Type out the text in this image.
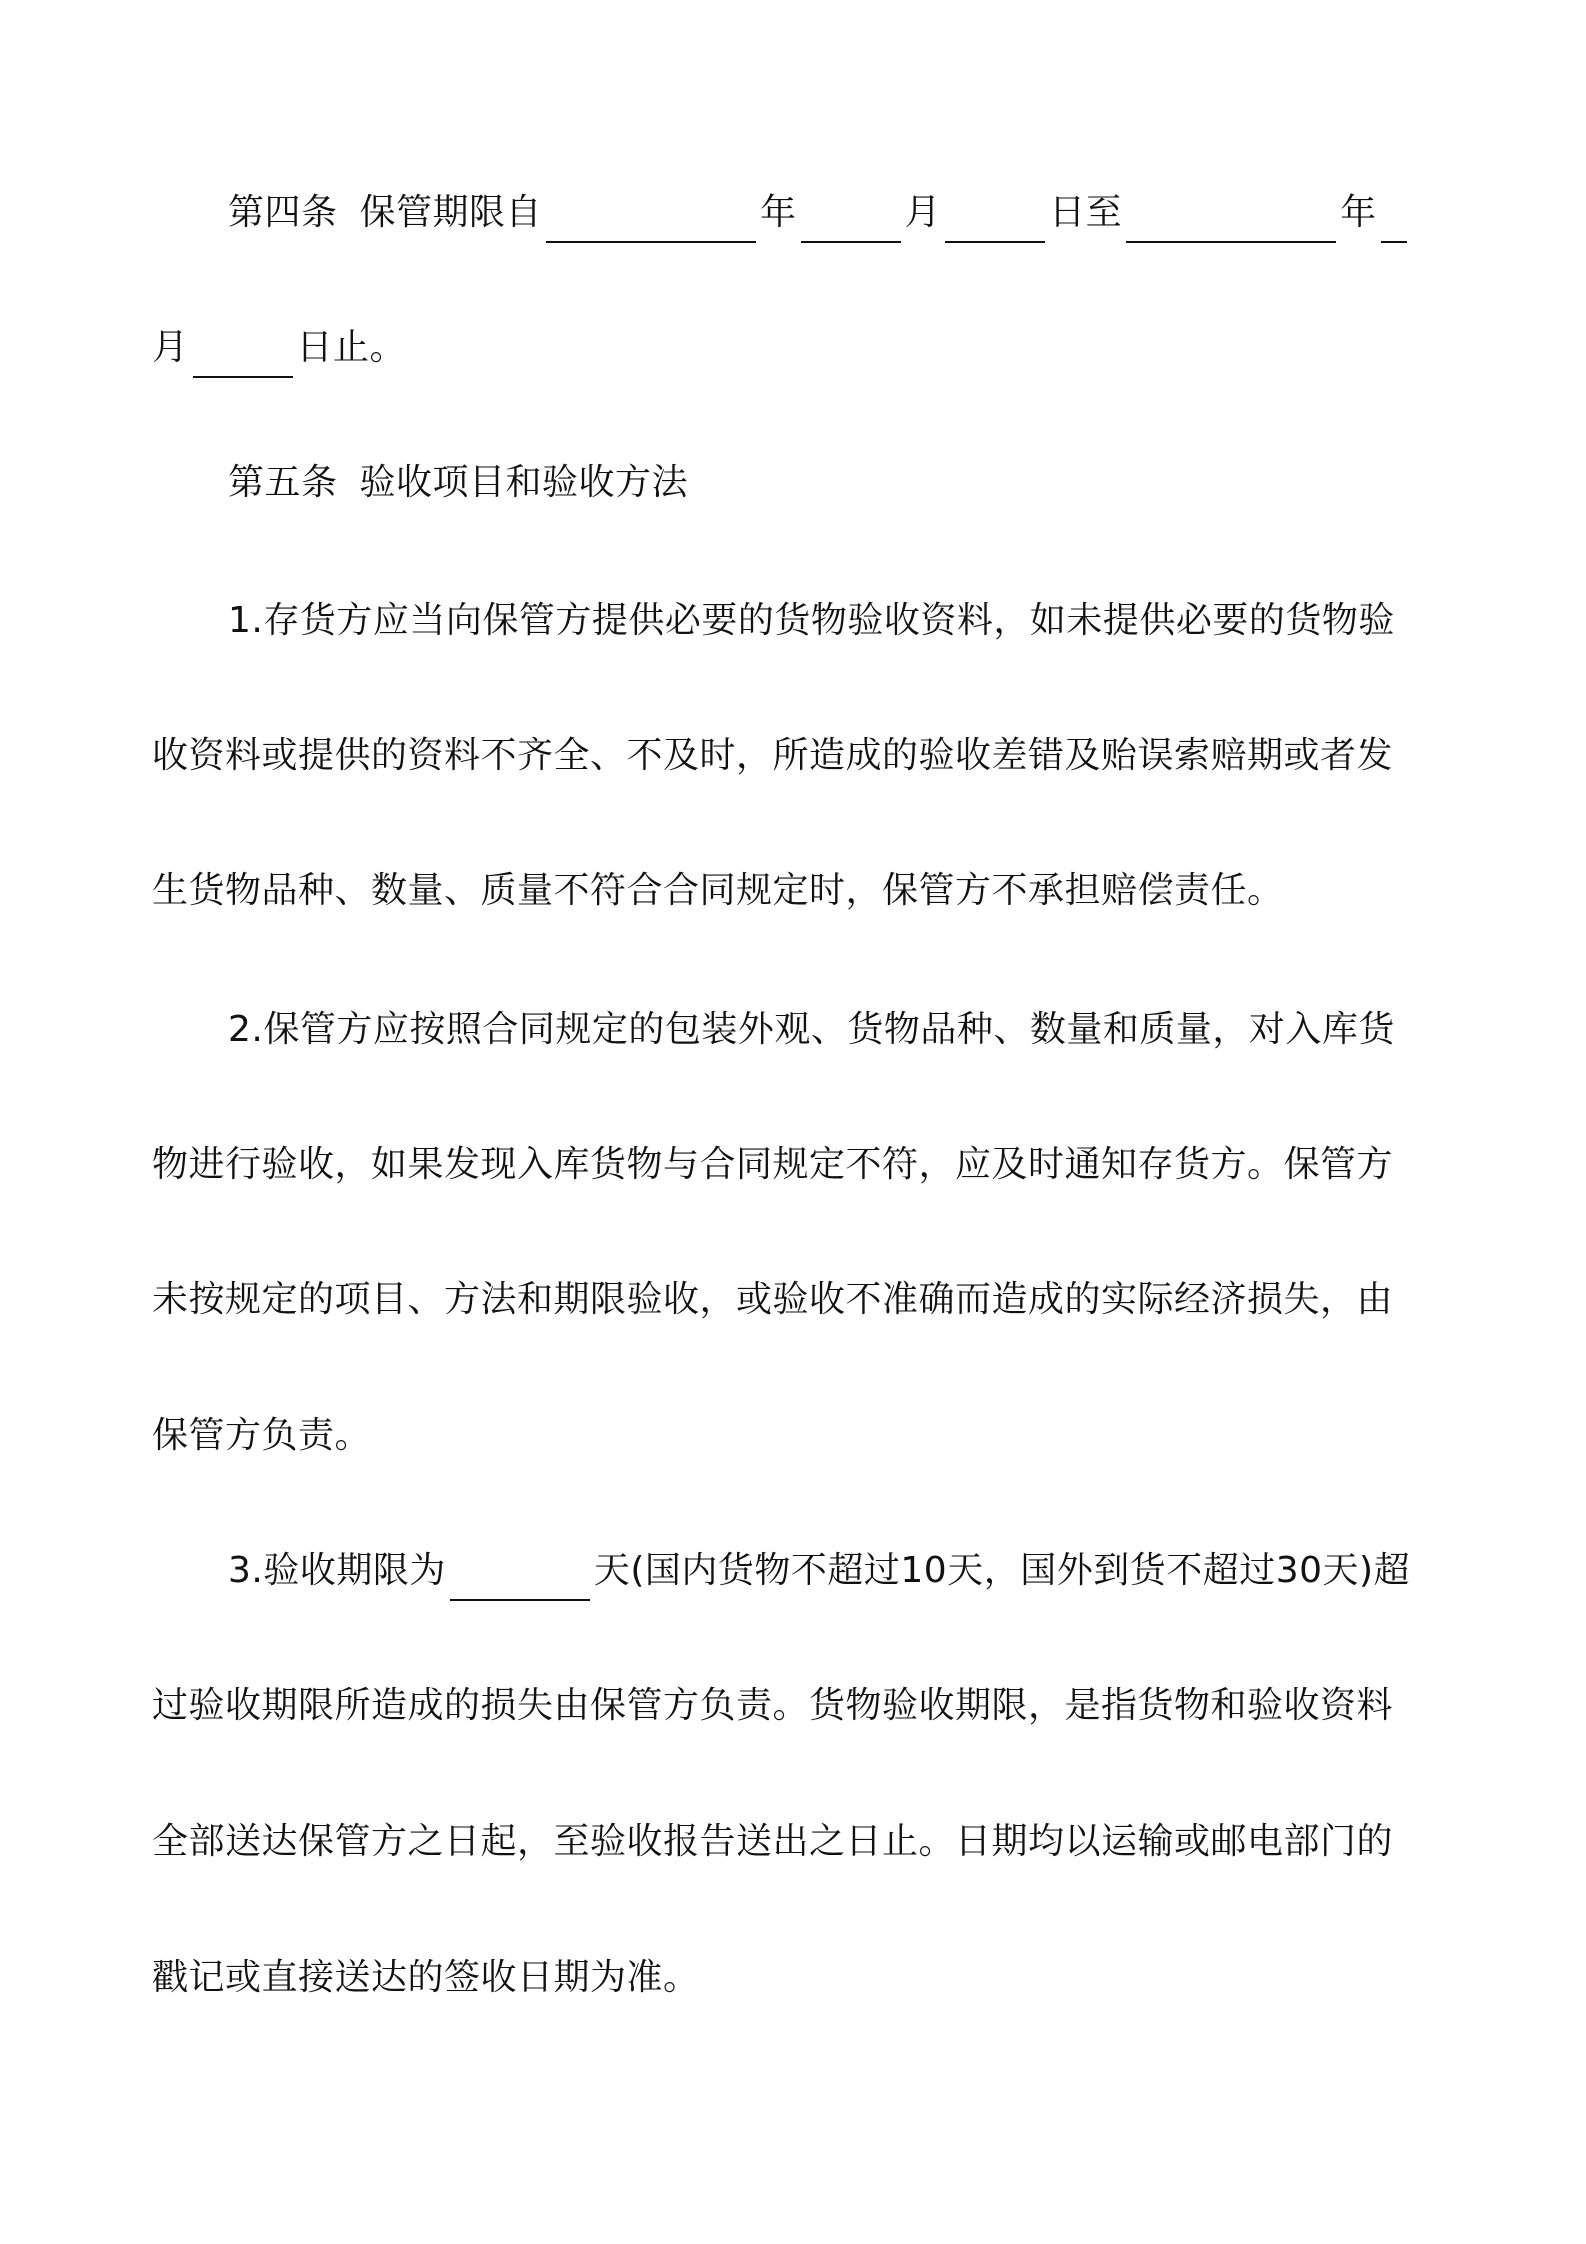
第四条 保管期限自	年	月	日至	年
月	日止。
第五条 验收项目和验收方法
1.存货方应当向保管方提供必要的货物验收资料，如未提供必要的货物验
收资料或提供的资料不齐全、不及时，所造成的验收差错及贻误索赔期或者发
生货物品种、数量、质量不符合合同规定时，保管方不承担赔偿责任。
2.保管方应按照合同规定的包装外观、货物品种、数量和质量，对入库货
物进行验收，如果发现入库货物与合同规定不符，应及时通知存货方。保管方
未按规定的项目、方法和期限验收，或验收不准确而造成的实际经济损失，由
保管方负责。
3.验收期限为	天(国内货物不超过10天，国外到货不超过30天)超
过验收期限所造成的损失由保管方负责。货物验收期限，是指货物和验收资料
全部送达保管方之日起，至验收报告送出之日止。日期均以运输或邮电部门的
戳记或直接送达的签收日期为准。
